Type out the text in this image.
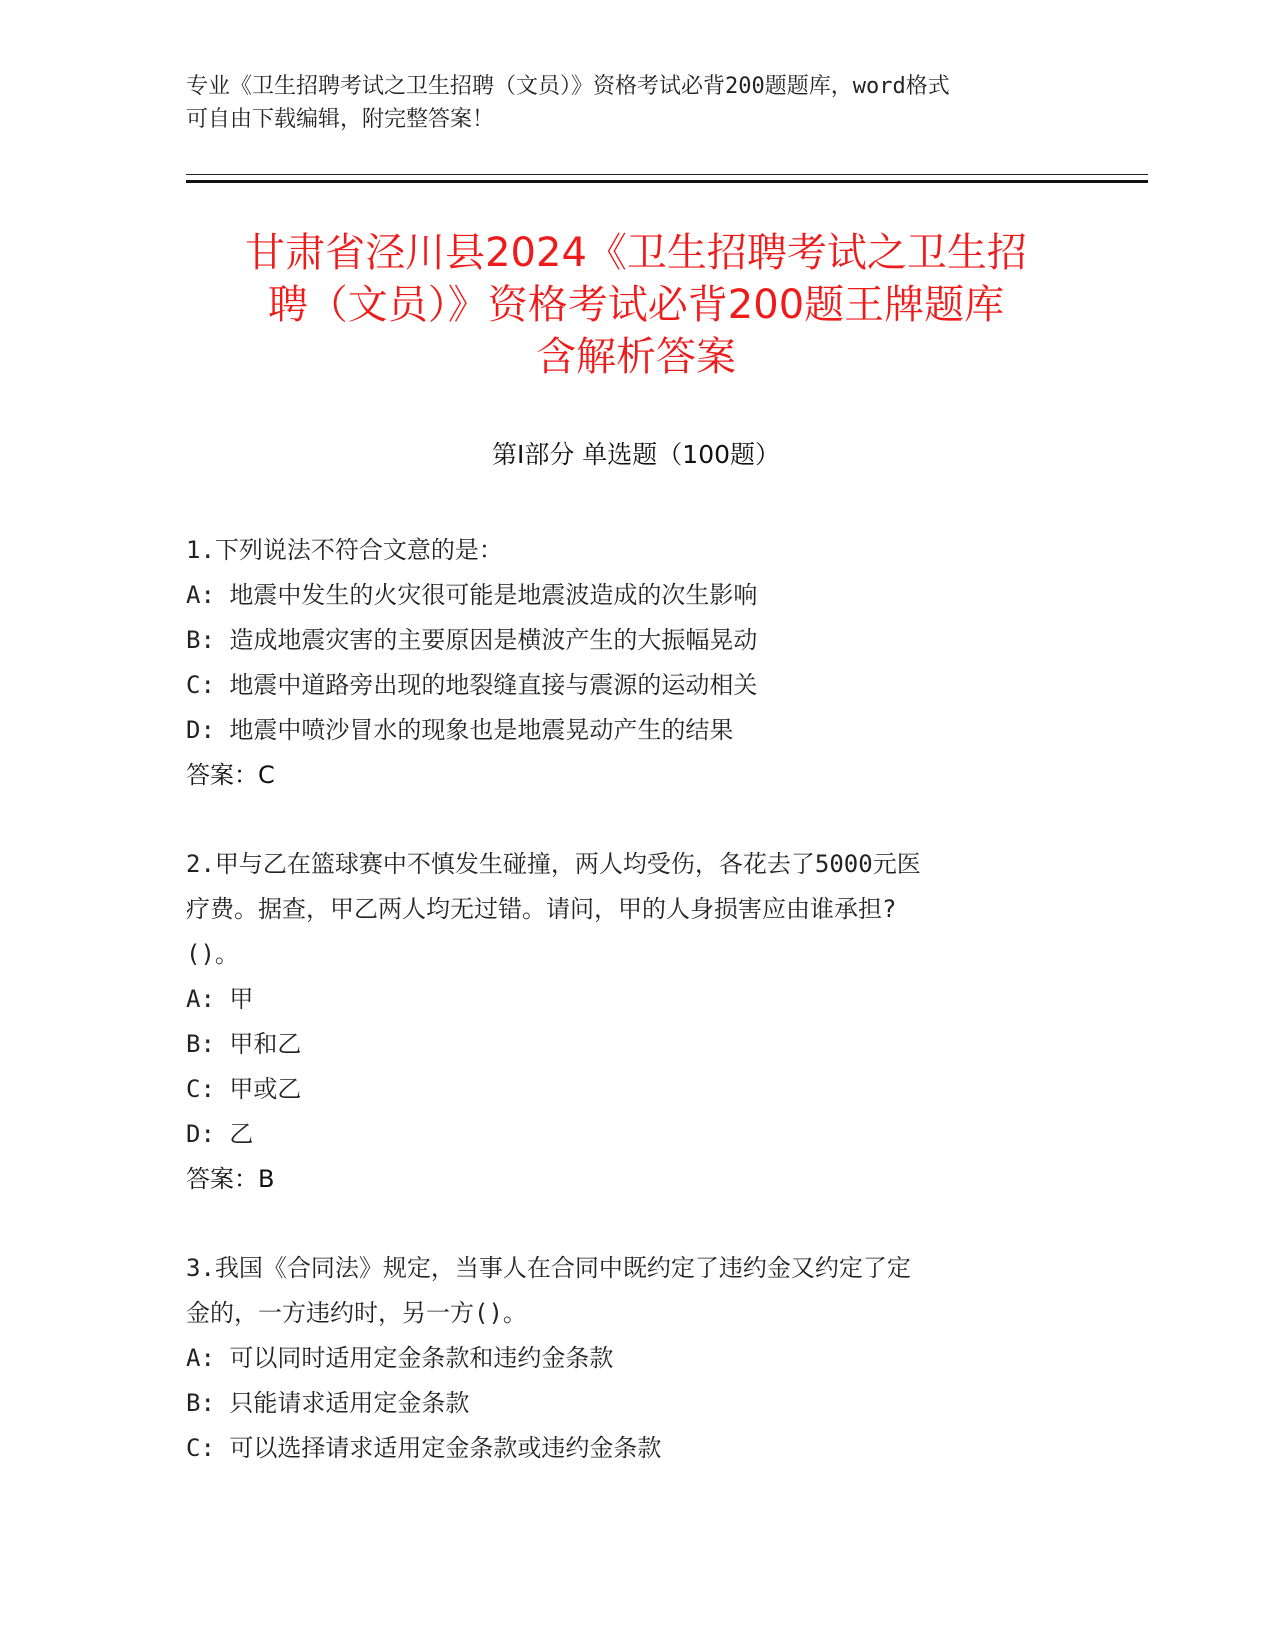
专业《卫生招聘考试之卫生招聘（文员）》资格考试必背200题题库，word格式

可自由下载编辑，附完整答案！

甘肃省泾川县2024《卫生招聘考试之卫生招

聘（文员）》资格考试必背200题王牌题库

含解析答案

第Ⅰ部分 单选题（100题）

1.下列说法不符合文意的是：

A: 地震中发生的火灾很可能是地震波造成的次生影响

B: 造成地震灾害的主要原因是横波产生的大振幅晃动

C: 地震中道路旁出现的地裂缝直接与震源的运动相关

D: 地震中喷沙冒水的现象也是地震晃动产生的结果

答案：C

2.甲与乙在篮球赛中不慎发生碰撞，两人均受伤，各花去了5000元医

疗费。据查，甲乙两人均无过错。请问，甲的人身损害应由谁承担?

()。

A: 甲

B: 甲和乙

C: 甲或乙

D: 乙

答案：B

3.我国《合同法》规定，当事人在合同中既约定了违约金又约定了定

金的，一方违约时，另一方()。

A: 可以同时适用定金条款和违约金条款

B: 只能请求适用定金条款

C: 可以选择请求适用定金条款或违约金条款
